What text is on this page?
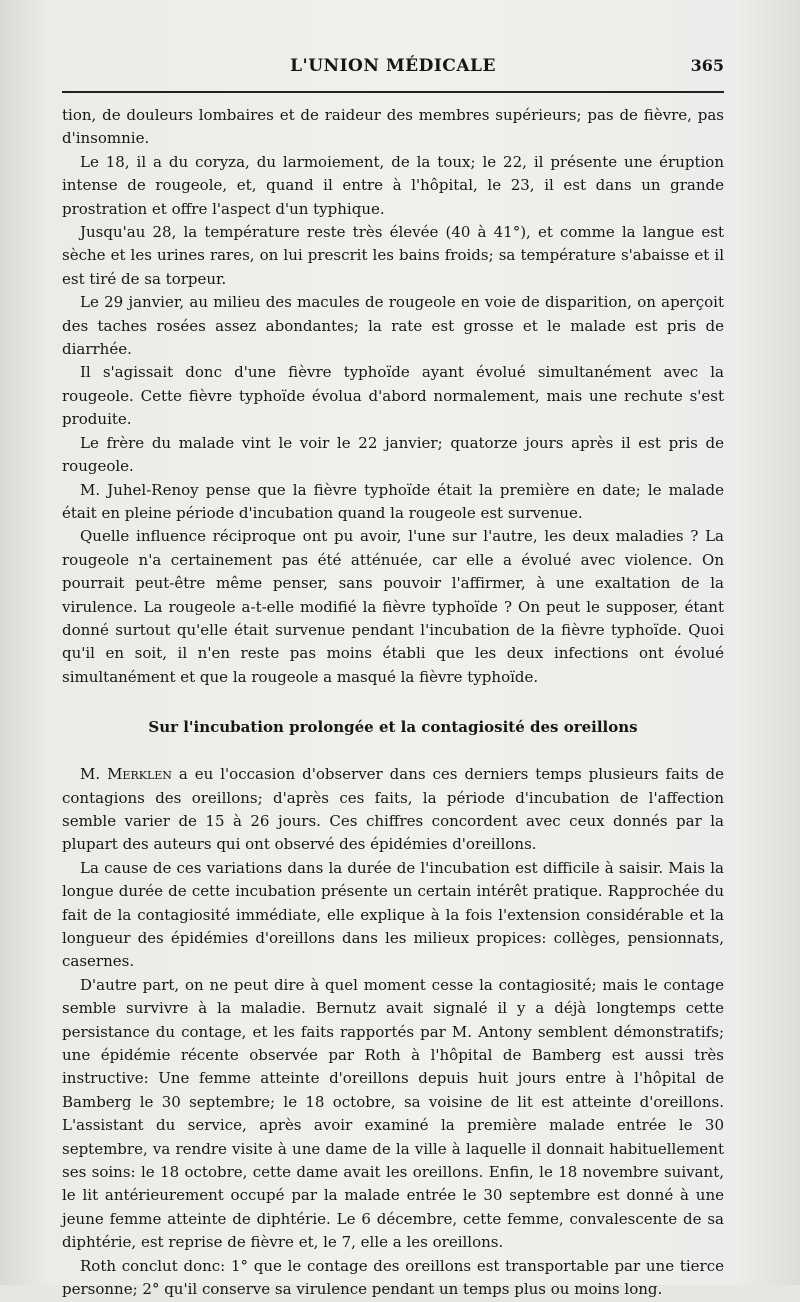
L'UNION MÉDICALE	365

tion, de douleurs lombaires et de raideur des membres supérieurs; pas de fièvre, pas d'insomnie.

Le 18, il a du coryza, du larmoiement, de la toux; le 22, il présente une éruption intense de rougeole, et, quand il entre à l'hôpital, le 23, il est dans un grande prostration et offre l'aspect d'un typhique.

Jusqu'au 28, la température reste très élevée (40 à 41°), et comme la langue est sèche et les urines rares, on lui prescrit les bains froids; sa température s'abaisse et il est tiré de sa torpeur.

Le 29 janvier, au milieu des macules de rougeole en voie de disparition, on aperçoit des taches rosées assez abondantes; la rate est grosse et le malade est pris de diarrhée.

Il s'agissait donc d'une fièvre typhoïde ayant évolué simultanément avec la rougeole. Cette fièvre typhoïde évolua d'abord normalement, mais une rechute s'est produite.

Le frère du malade vint le voir le 22 janvier; quatorze jours après il est pris de rougeole.

M. Juhel-Renoy pense que la fièvre typhoïde était la première en date; le malade était en pleine période d'incubation quand la rougeole est survenue.

Quelle influence réciproque ont pu avoir, l'une sur l'autre, les deux maladies ? La rougeole n'a certainement pas été atténuée, car elle a évolué avec violence. On pourrait peut-être même penser, sans pouvoir l'affirmer, à une exaltation de la virulence. La rougeole a-t-elle modifié la fièvre typhoïde ? On peut le supposer, étant donné surtout qu'elle était survenue pendant l'incubation de la fièvre typhoïde. Quoi qu'il en soit, il n'en reste pas moins établi que les deux infections ont évolué simultanément et que la rougeole a masqué la fièvre typhoïde.

Sur l'incubation prolongée et la contagiosité des oreillons

M. Merklen a eu l'occasion d'observer dans ces derniers temps plusieurs faits de contagions des oreillons; d'après ces faits, la période d'incubation de l'affection semble varier de 15 à 26 jours. Ces chiffres concordent avec ceux donnés par la plupart des auteurs qui ont observé des épidémies d'oreillons.

La cause de ces variations dans la durée de l'incubation est difficile à saisir. Mais la longue durée de cette incubation présente un certain intérêt pratique. Rapprochée du fait de la contagiosité immédiate, elle explique à la fois l'extension considérable et la longueur des épidémies d'oreillons dans les milieux propices: collèges, pensionnats, casernes.

D'autre part, on ne peut dire à quel moment cesse la contagiosité; mais le contage semble survivre à la maladie. Bernutz avait signalé il y a déjà longtemps cette persistance du contage, et les faits rapportés par M. Antony semblent démonstratifs; une épidémie récente observée par Roth à l'hôpital de Bamberg est aussi très instructive: Une femme atteinte d'oreillons depuis huit jours entre à l'hôpital de Bamberg le 30 septembre; le 18 octobre, sa voisine de lit est atteinte d'oreillons. L'assistant du service, après avoir examiné la première malade entrée le 30 septembre, va rendre visite à une dame de la ville à laquelle il donnait habituellement ses soins: le 18 octobre, cette dame avait les oreillons. Enfin, le 18 novembre suivant, le lit antérieurement occupé par la malade entrée le 30 septembre est donné à une jeune femme atteinte de diphtérie. Le 6 décembre, cette femme, convalescente de sa diphtérie, est reprise de fièvre et, le 7, elle a les oreillons.

Roth conclut donc: 1° que le contage des oreillons est transportable par une tierce personne; 2° qu'il conserve sa virulence pendant un temps plus ou moins long.
